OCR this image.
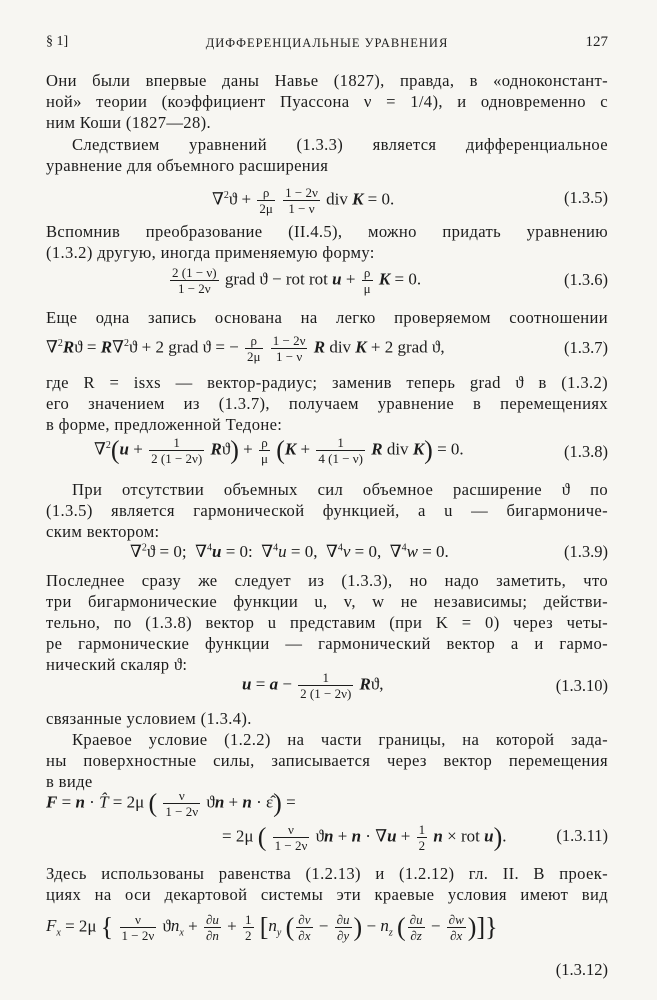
§ 1]	ДИФФЕРЕНЦИАЛЬНЫЕ УРАВНЕНИЯ	127
Они были впервые даны Навье (1827), правда, в «одноконстант-
ной» теории (коэффициент Пуассона ν = 1/4), и одновременно с
ним Коши (1827—28).
Следствием уравнений (1.3.3) является дифференциальное
уравнение для объемного расширения
$\nabla^2ϑ + \frac{\rho}{2\mu}$
$\frac{1 - 2\nu}{1 - \nu}$ div K = 0.	(1.3.5)
Вспомнив преобразование (II.4.5), можно придать уравнению
(1.3.2) другую, иногда применяемую форму:
$\frac{2 (1 - \nu)}{1 - 2\nu}$ grad ϑ − rot rot $u + \frac{\rho}{\mu}$ K = 0.	(1.3.6)
Еще одна запись основана на легко проверяемом соотношении
∇$^2$Rϑ = R∇$^2$ϑ + 2 grad ϑ = − $\frac{\rho}{2\mu}$
$\frac{1 - 2\nu}{1 - \nu}$ R div K + 2 grad ϑ,	(1.3.7)
где R = isxs — вектор-радиус; заменив теперь grad ϑ в (1.3.2)
его значением из (1.3.7), получаем уравнение в перемещениях
в форме, предложенной Тедоне:
$\nabla^2(u + \frac{1}{2 (1 - 2\nu)} Rϑ) + \frac{\rho}{\mu} (K + \frac{1}{4 (1 - \nu)}$ R div K) = 0.	(1.3.8)
При отсутствии объемных сил объемное расширение ϑ по
(1.3.5) является гармонической функцией, а u — бигармониче-
ским вектором:
∇$^2$ϑ = 0;  ∇$^4$u = 0:  ∇$^4$u = 0,  ∇$^4$v = 0,  ∇$^4$w = 0.	(1.3.9)
Последнее сразу же следует из (1.3.3), но надо заметить, что
три бигармонические функции u, v, w не независимы; действи-
тельно, по (1.3.8) вектор u представим (при K = 0) через четы-
ре гармонические функции — гармонический вектор a и гармо-
нический скаляр ϑ:
$u = a - \frac{1}{2 (1 - 2\nu)} Rϑ$,	(1.3.10)
связанные условием (1.3.4).
Краевое условие (1.2.2) на части границы, на которой зада-
ны поверхностные силы, записывается через вектор перемещения
в виде
F = n · T̂ = 2μ ( $\frac{\nu}{1 - 2\nu}$ ϑn + n · ε̂) =
= 2μ ( $\frac{\nu}{1 - 2\nu}$ $ϑn + n \cdot \nabla u + \frac{1}{2}$ n × rot u).	(1.3.11)
Здесь использованы равенства (1.2.13) и (1.2.12) гл. II. В проек-
циях на оси декартовой системы эти краевые условия имеют вид
$F_x = 2\mu$ { $\frac{\nu}{1 - 2\nu} ϑn_x + \frac{\partial u}{\partial n} + \frac{1}{2} [n_y$ ( $\frac{\partial v}{\partial x} - \frac{\partial u}{\partial y}$ ) − $n_z$ ( $\frac{\partial u}{\partial z} - \frac{\partial w}{\partial x}$ )]}
(1.3.12)
